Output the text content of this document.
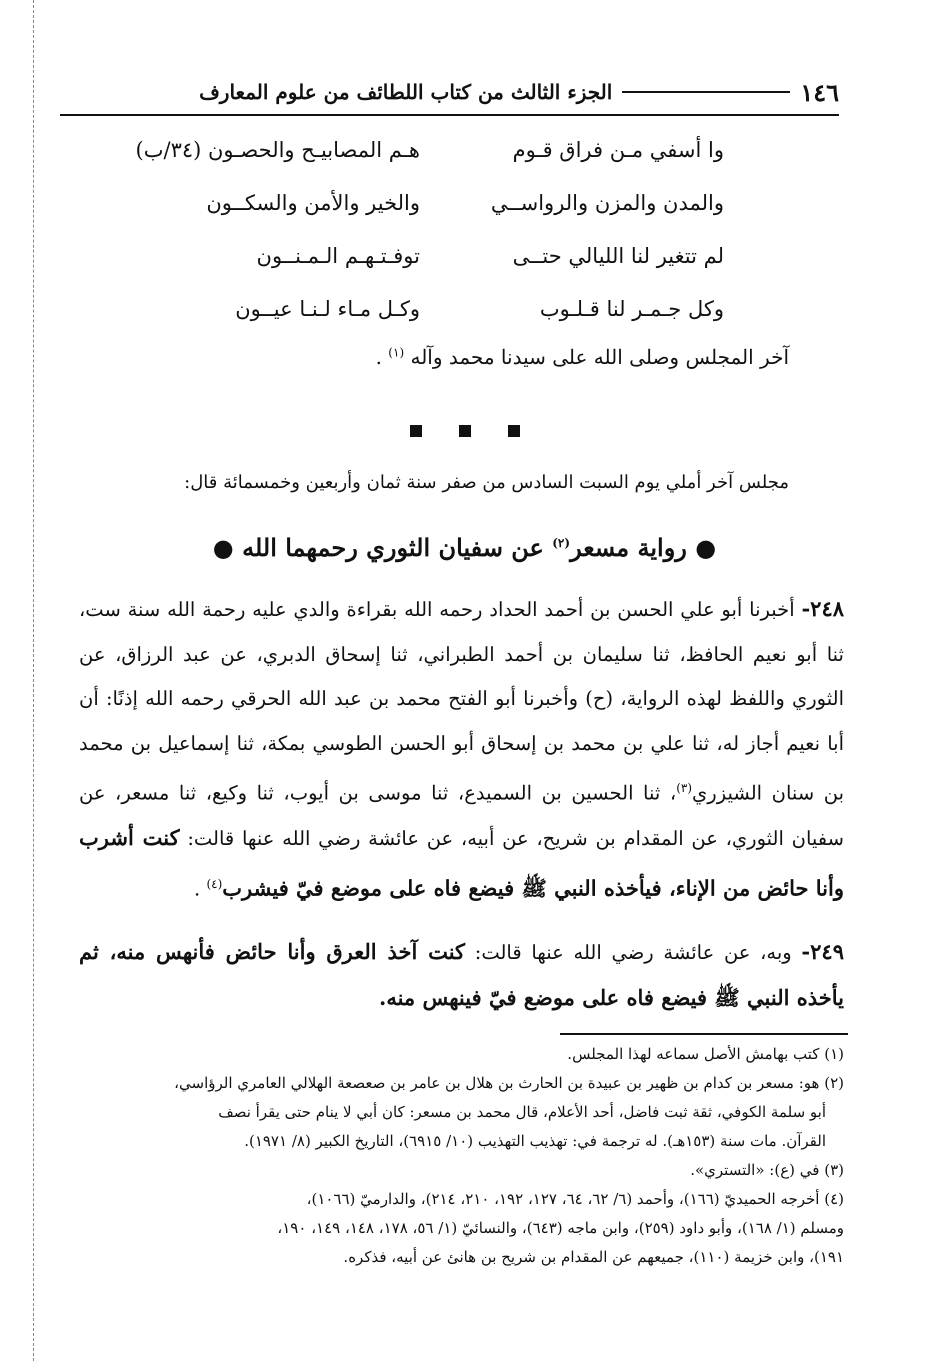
١٤٦
الجزء الثالث من كتاب اللطائف من علوم المعارف
وا أسفي مـن فراق قـوم
هـم المصابيـح والحصـون (٣٤/ب)
والمدن والمزن والرواســي
والخير والأمن والسكــون
لم تتغير لنا الليالي حتــى
توفـتـهـم الـمـنــون
وكل جـمـر لنا قـلـوب
وكـل مـاء لـنـا عيــون
آخر المجلس وصلى الله على سيدنا محمد وآله $^{(١)}$ .
مجلس آخر أملي يوم السبت السادس من صفر سنة ثمان وأربعين وخمسمائة قال:
● رواية مسعر$^{(٢)}$ عن سفيان الثوري رحمهما الله ●
٢٤٨- أخبرنا أبو علي الحسن بن أحمد الحداد رحمه الله بقراءة والدي عليه رحمة الله سنة ست، ثنا أبو نعيم الحافظ، ثنا سليمان بن أحمد الطبراني، ثنا إسحاق الدبري، عن عبد الرزاق، عن الثوري واللفظ لهذه الرواية، (ح) وأخبرنا أبو الفتح محمد بن عبد الله الحرقي رحمه الله إذنًا: أن أبا نعيم أجاز له، ثنا علي بن محمد بن إسحاق أبو الحسن الطوسي بمكة، ثنا إسماعيل بن محمد بن سنان الشيزري$^{(٣)}$، ثنا الحسين بن السميدع، ثنا موسى بن أيوب، ثنا وكيع، ثنا مسعر، عن سفيان الثوري، عن المقدام بن شريح، عن أبيه، عن عائشة رضي الله عنها قالت: كنت أشرب وأنا حائض من الإناء، فيأخذه النبي ﷺ فيضع فاه على موضع فيّ فيشرب$^{(٤)}$ .
٢٤٩- وبه، عن عائشة رضي الله عنها قالت: كنت آخذ العرق وأنا حائض فأنهس منه، ثم يأخذه النبي ﷺ فيضع فاه على موضع فيّ فينهس منه.

(١) كتب بهامش الأصل سماعه لهذا المجلس.

(٢) هو: مسعر بن كدام بن ظهير بن عبيدة بن الحارث بن هلال بن عامر بن صعصعة الهلالي العامري الرؤاسي،

أبو سلمة الكوفي، ثقة ثبت فاضل، أحد الأعلام، قال محمد بن مسعر: كان أبي لا ينام حتى يقرأ نصف

القرآن. مات سنة (١٥٣هـ). له ترجمة في: تهذيب التهذيب (١٠/ ٦٩١٥)، التاريخ الكبير (٨/ ١٩٧١).

(٣) في (ع): «التستري».

(٤) أخرجه الحميديّ (١٦٦)، وأحمد (٦/ ٦٢، ٦٤، ١٢٧، ١٩٢، ٢١٠، ٢١٤)، والدارميّ (١٠٦٦)،

ومسلم (١/ ١٦٨)، وأبو داود (٢٥٩)، وابن ماجه (٦٤٣)، والنسائيّ (١/ ٥٦، ١٧٨، ١٤٨، ١٤٩، ١٩٠،

١٩١)، وابن خزيمة (١١٠)، جميعهم عن المقدام بن شريح بن هانئ عن أبيه، فذكره.
